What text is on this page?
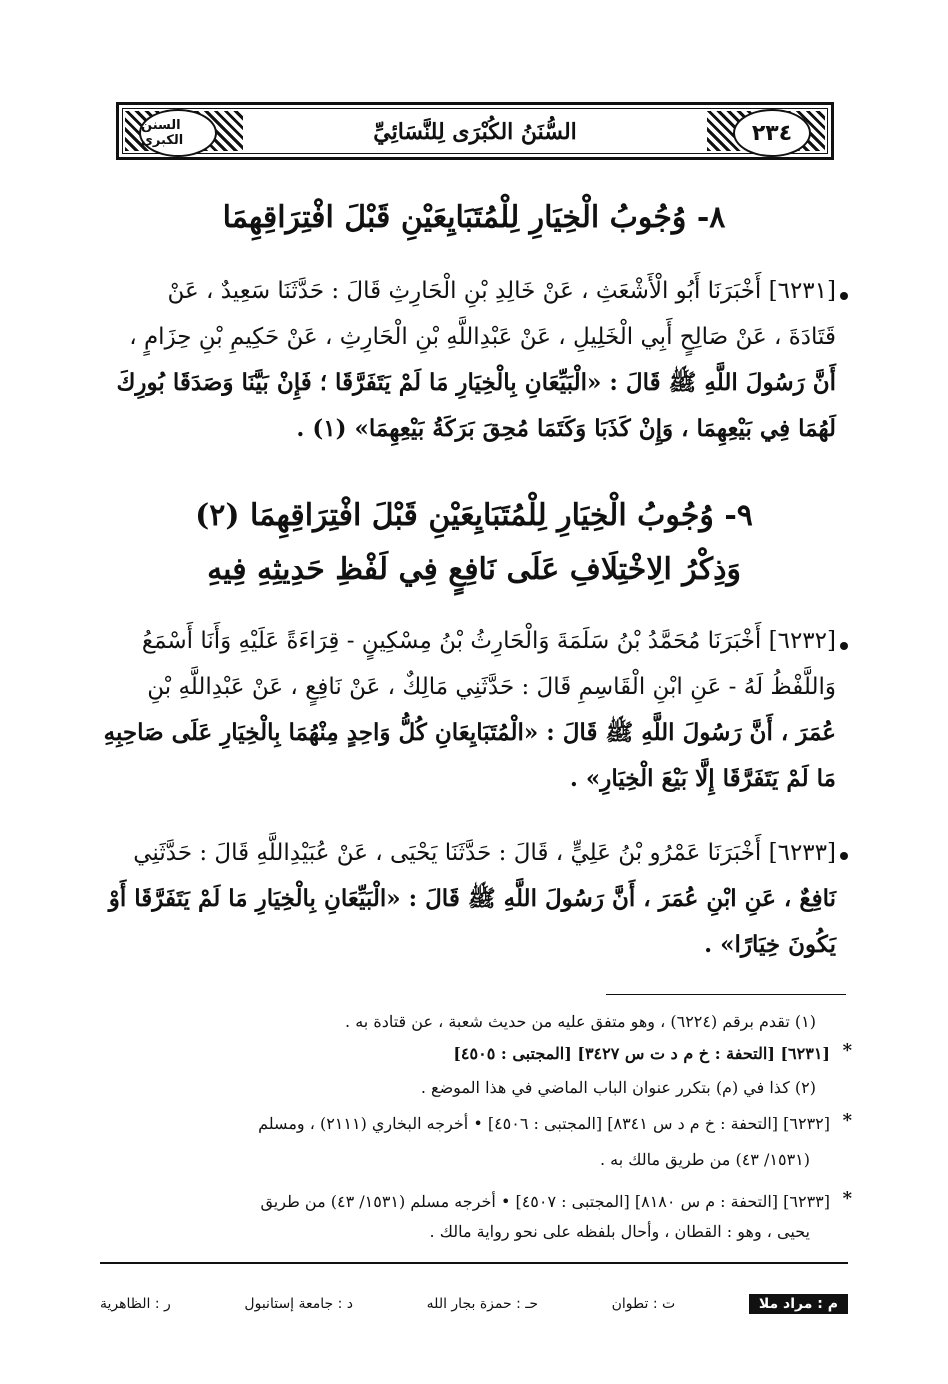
السنن الكبرى	٢٣٤
السُّنَنُ الكُبْرَى لِلنَّسَائِيِّ
٨- وُجُوبُ الْخِيَارِ لِلْمُتَبَايِعَيْنِ قَبْلَ افْتِرَاقِهِمَا
[٦٢٣١] أَخْبَرَنَا أَبُو الْأَشْعَثِ ، عَنْ خَالِدِ بْنِ الْحَارِثِ قَالَ : حَدَّثَنَا سَعِيدٌ ، عَنْ
قَتَادَةَ ، عَنْ صَالِحٍ أَبِي الْخَلِيلِ ، عَنْ عَبْدِاللَّهِ بْنِ الْحَارِثِ ، عَنْ حَكِيمِ بْنِ حِزَامٍ ،
أَنَّ رَسُولَ اللَّهِ ﷺ قَالَ : «الْبَيِّعَانِ بِالْخِيَارِ مَا لَمْ يَتَفَرَّقَا ؛ فَإِنْ بَيَّنَا وَصَدَقَا بُورِكَ
لَهُمَا فِي بَيْعِهِمَا ، وَإِنْ كَذَبَا وَكَتَمَا مُحِقَ بَرَكَةُ بَيْعِهِمَا» (١) .
٩- وُجُوبُ الْخِيَارِ لِلْمُتَبَايِعَيْنِ قَبْلَ افْتِرَاقِهِمَا (٢)
وَذِكْرُ الِاخْتِلَافِ عَلَى نَافِعٍ فِي لَفْظِ حَدِيثِهِ فِيهِ
[٦٢٣٢] أَخْبَرَنَا مُحَمَّدُ بْنُ سَلَمَةَ وَالْحَارِثُ بْنُ مِسْكِينٍ - قِرَاءَةً عَلَيْهِ وَأَنَا أَسْمَعُ
وَاللَّفْظُ لَهُ - عَنِ ابْنِ الْقَاسِمِ قَالَ : حَدَّثَنِي مَالِكٌ ، عَنْ نَافِعٍ ، عَنْ عَبْدِاللَّهِ بْنِ
عُمَرَ ، أَنَّ رَسُولَ اللَّهِ ﷺ قَالَ : «الْمُتَبَايِعَانِ كُلُّ وَاحِدٍ مِنْهُمَا بِالْخِيَارِ عَلَى صَاحِبِهِ
مَا لَمْ يَتَفَرَّقَا إِلَّا بَيْعَ الْخِيَارِ» .
[٦٢٣٣] أَخْبَرَنَا عَمْرُو بْنُ عَلِيٍّ ، قَالَ : حَدَّثَنَا يَحْيَى ، عَنْ عُبَيْدِاللَّهِ قَالَ : حَدَّثَنِي
نَافِعٌ ، عَنِ ابْنِ عُمَرَ ، أَنَّ رَسُولَ اللَّهِ ﷺ قَالَ : «الْبَيِّعَانِ بِالْخِيَارِ مَا لَمْ يَتَفَرَّقَا أَوْ
يَكُونَ خِيَارًا» .
(١) تقدم برقم (٦٢٢٤) ، وهو متفق عليه من حديث شعبة ، عن قتادة به .
*
[٦٢٣١] [التحفة : خ م د ت س ٣٤٢٧] [المجتبى : ٤٥٠٥]
(٢) كذا في (م) بتكرر عنوان الباب الماضي في هذا الموضع .
*
[٦٢٣٢] [التحفة : خ م د س ٨٣٤١] [المجتبى : ٤٥٠٦] • أخرجه البخاري (٢١١١) ، ومسلم
(١٥٣١/ ٤٣) من طريق مالك به .
*
[٦٢٣٣] [التحفة : م س ٨١٨٠] [المجتبى : ٤٥٠٧] • أخرجه مسلم (١٥٣١/ ٤٣) من طريق
يحيى ، وهو : القطان ، وأحال بلفظه على نحو رواية مالك .
م : مراد ملا
ت : تطوان
حـ : حمزة بجار الله
د : جامعة إستانبول
ر : الظاهرية
